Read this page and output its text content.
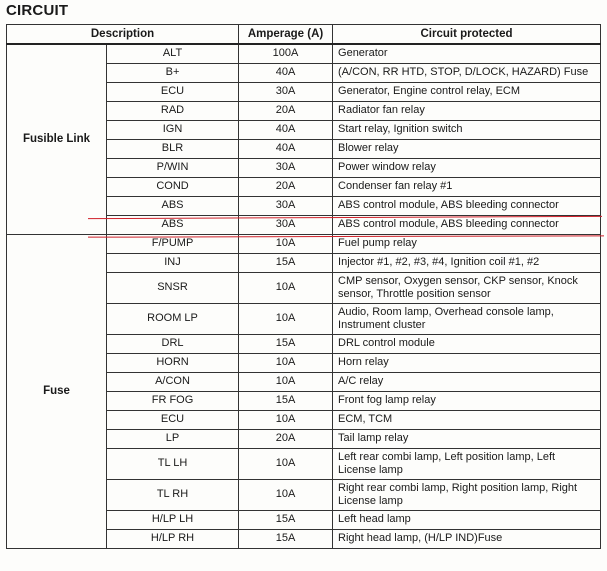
CIRCUIT
Description		Amperage (A)	Circuit protected
Fusible Link	ALT	100A	Generator
	B+	40A	(A/CON, RR HTD, STOP, D/LOCK, HAZARD) Fuse
	ECU	30A	Generator, Engine control relay, ECM
	RAD	20A	Radiator fan relay
	IGN	40A	Start relay, Ignition switch
	BLR	40A	Blower relay
	P/WIN	30A	Power window relay
	COND	20A	Condenser fan relay #1
	ABS	30A	ABS control module, ABS bleeding connector
	ABS	30A	ABS control module, ABS bleeding connector
Fuse	F/PUMP	10A	Fuel pump relay
	INJ	15A	Injector #1, #2, #3, #4, Ignition coil #1, #2
	SNSR	10A	CMP sensor, Oxygen sensor, CKP sensor, Knock sensor, Throttle position sensor
	ROOM LP	10A	Audio, Room lamp, Overhead console lamp, Instrument cluster
	DRL	15A	DRL control module
	HORN	10A	Horn relay
	A/CON	10A	A/C relay
	FR FOG	15A	Front fog lamp relay
	ECU	10A	ECM, TCM
	LP	20A	Tail lamp relay
	TL LH	10A	Left rear combi lamp, Left position lamp, Left License lamp
	TL RH	10A	Right rear combi lamp, Right position lamp, Right License lamp
	H/LP LH	15A	Left head lamp
	H/LP RH	15A	Right head lamp, (H/LP IND)Fuse
